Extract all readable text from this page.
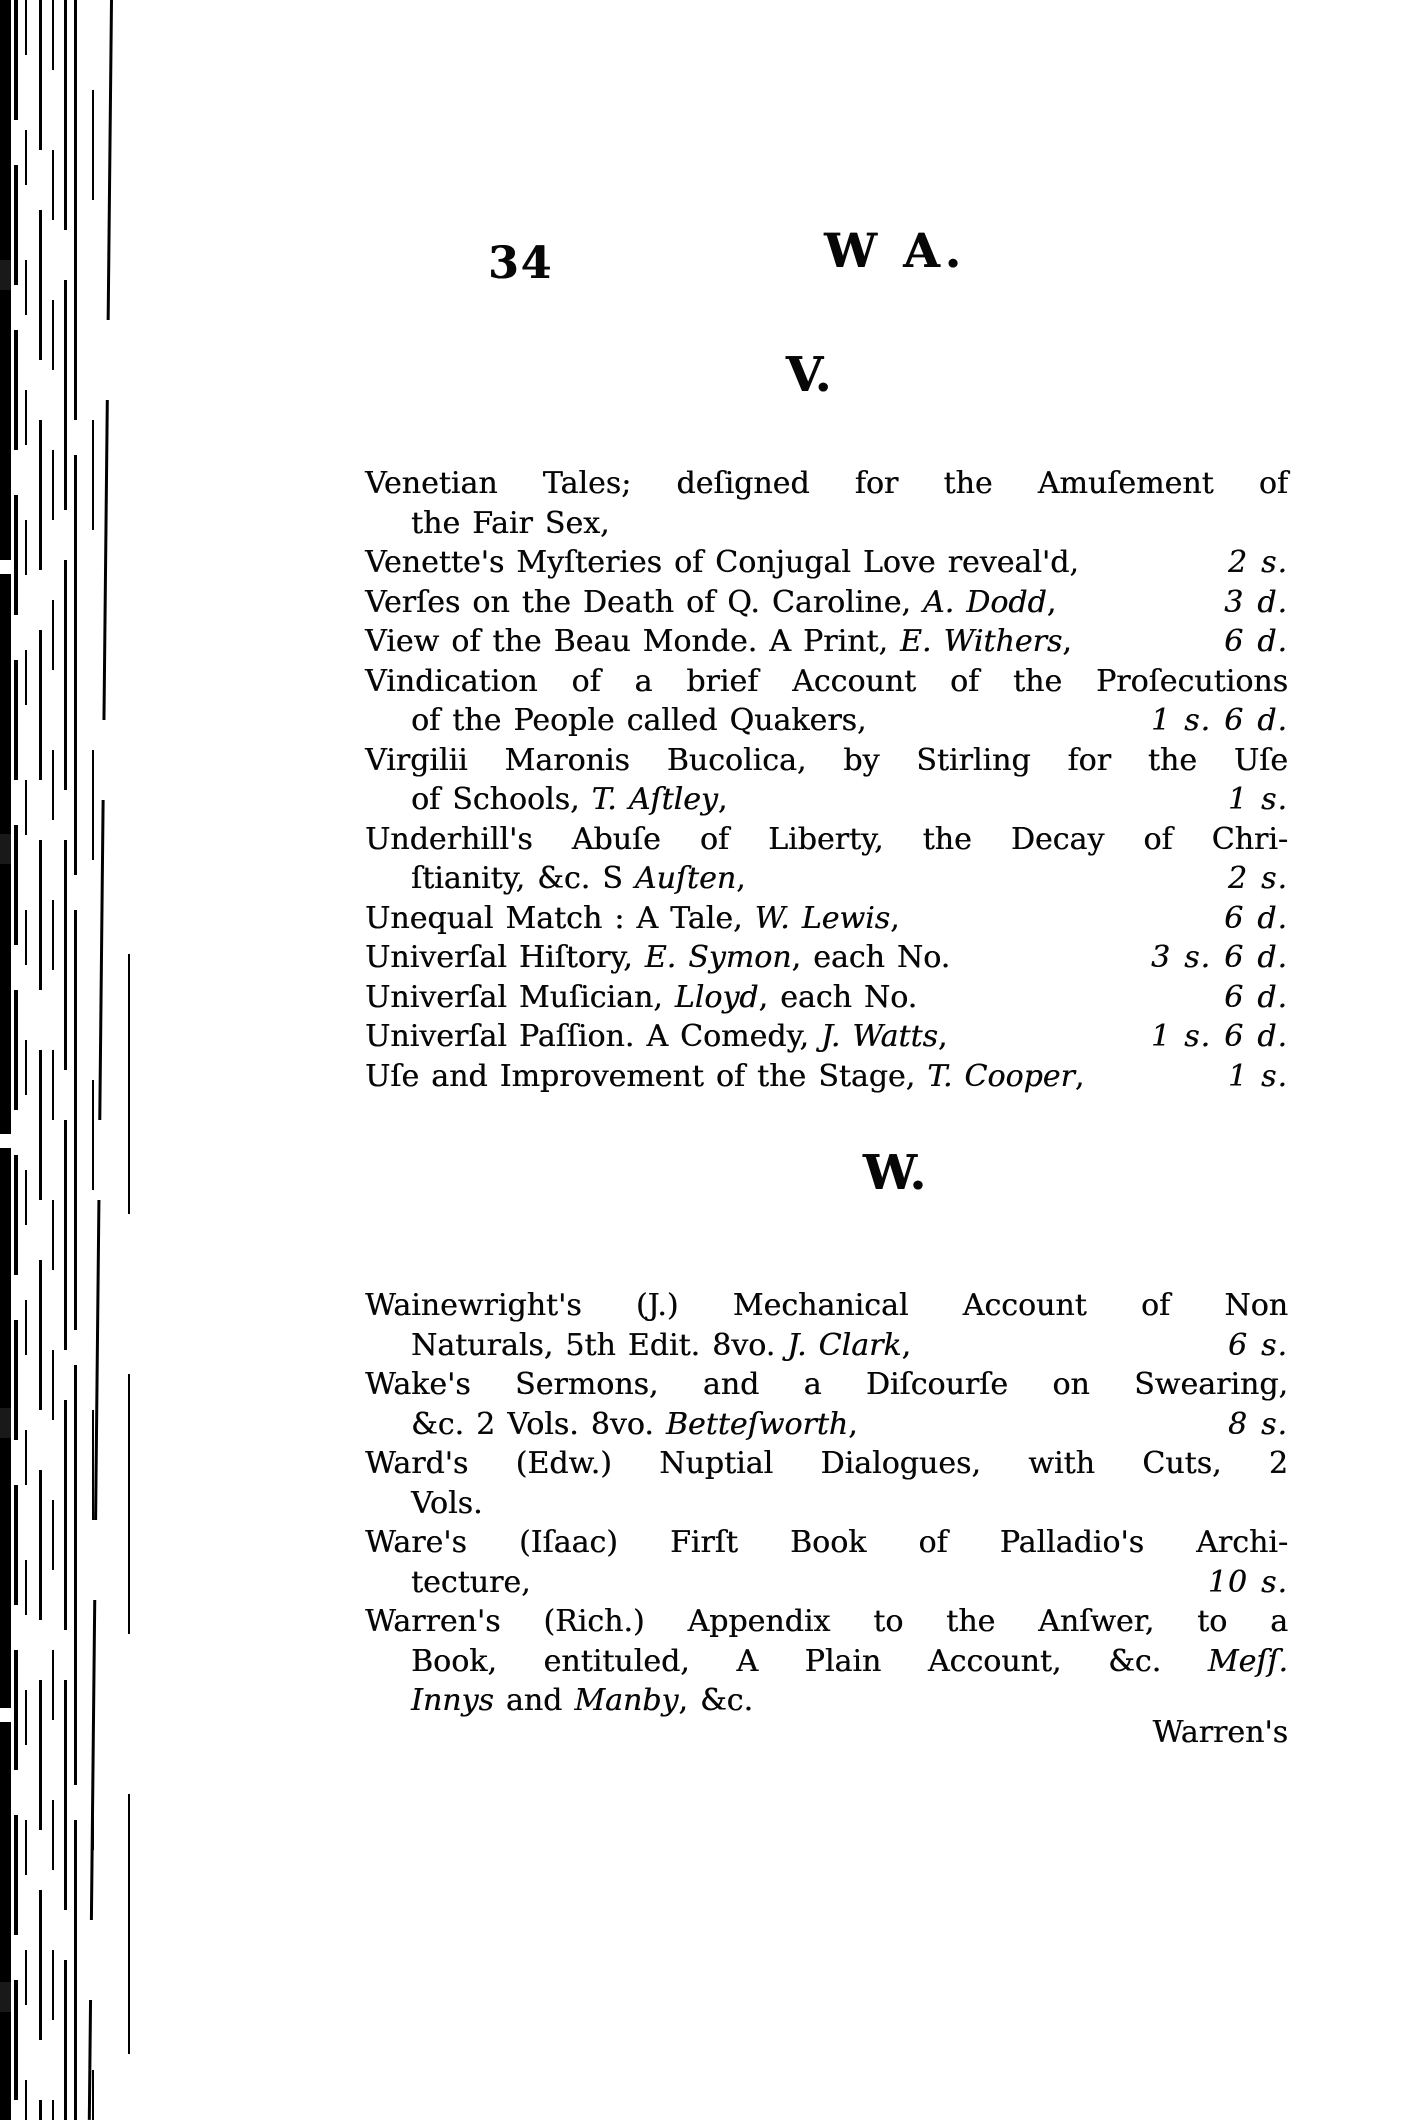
34	W A.
V.
Venetian Tales; deſigned for the Amuſement of
the Fair Sex,
Venette's Myſteries of Conjugal Love reveal'd,	2 s.
Verſes on the Death of Q. Caroline, A. Dodd,	3 d.
View of the Beau Monde. A Print, E. Withers,	6 d.
Vindication of a brief Account of the Proſecutions
of the People called Quakers,	1 s. 6 d.
Virgilii Maronis Bucolica, by Stirling for the Uſe
of Schools, T. Aſtley,	1 s.
Underhill's Abuſe of Liberty, the Decay of Chri-
ſtianity, &c. S Auſten,	2 s.
Unequal Match : A Tale, W. Lewis,	6 d.
Univerſal Hiſtory, E. Symon, each No.	3 s. 6 d.
Univerſal Muſician, Lloyd, each No.	6 d.
Univerſal Paſſion. A Comedy, J. Watts,	1 s. 6 d.
Uſe and Improvement of the Stage, T. Cooper,	1 s.
W.
Wainewright's (J.) Mechanical Account of Non
Naturals, 5th Edit. 8vo. J. Clark,	6 s.
Wake's Sermons, and a Diſcourſe on Swearing,
&c. 2 Vols. 8vo. Betteſworth,	8 s.
Ward's (Edw.) Nuptial Dialogues, with Cuts, 2
Vols.
Ware's (Iſaac) Firſt Book of Palladio's Archi-
tecture,	10 s.
Warren's (Rich.) Appendix to the Anſwer, to a
Book, entituled, A Plain Account, &c. Meſſ.
Innys and Manby, &c.
Warren's
